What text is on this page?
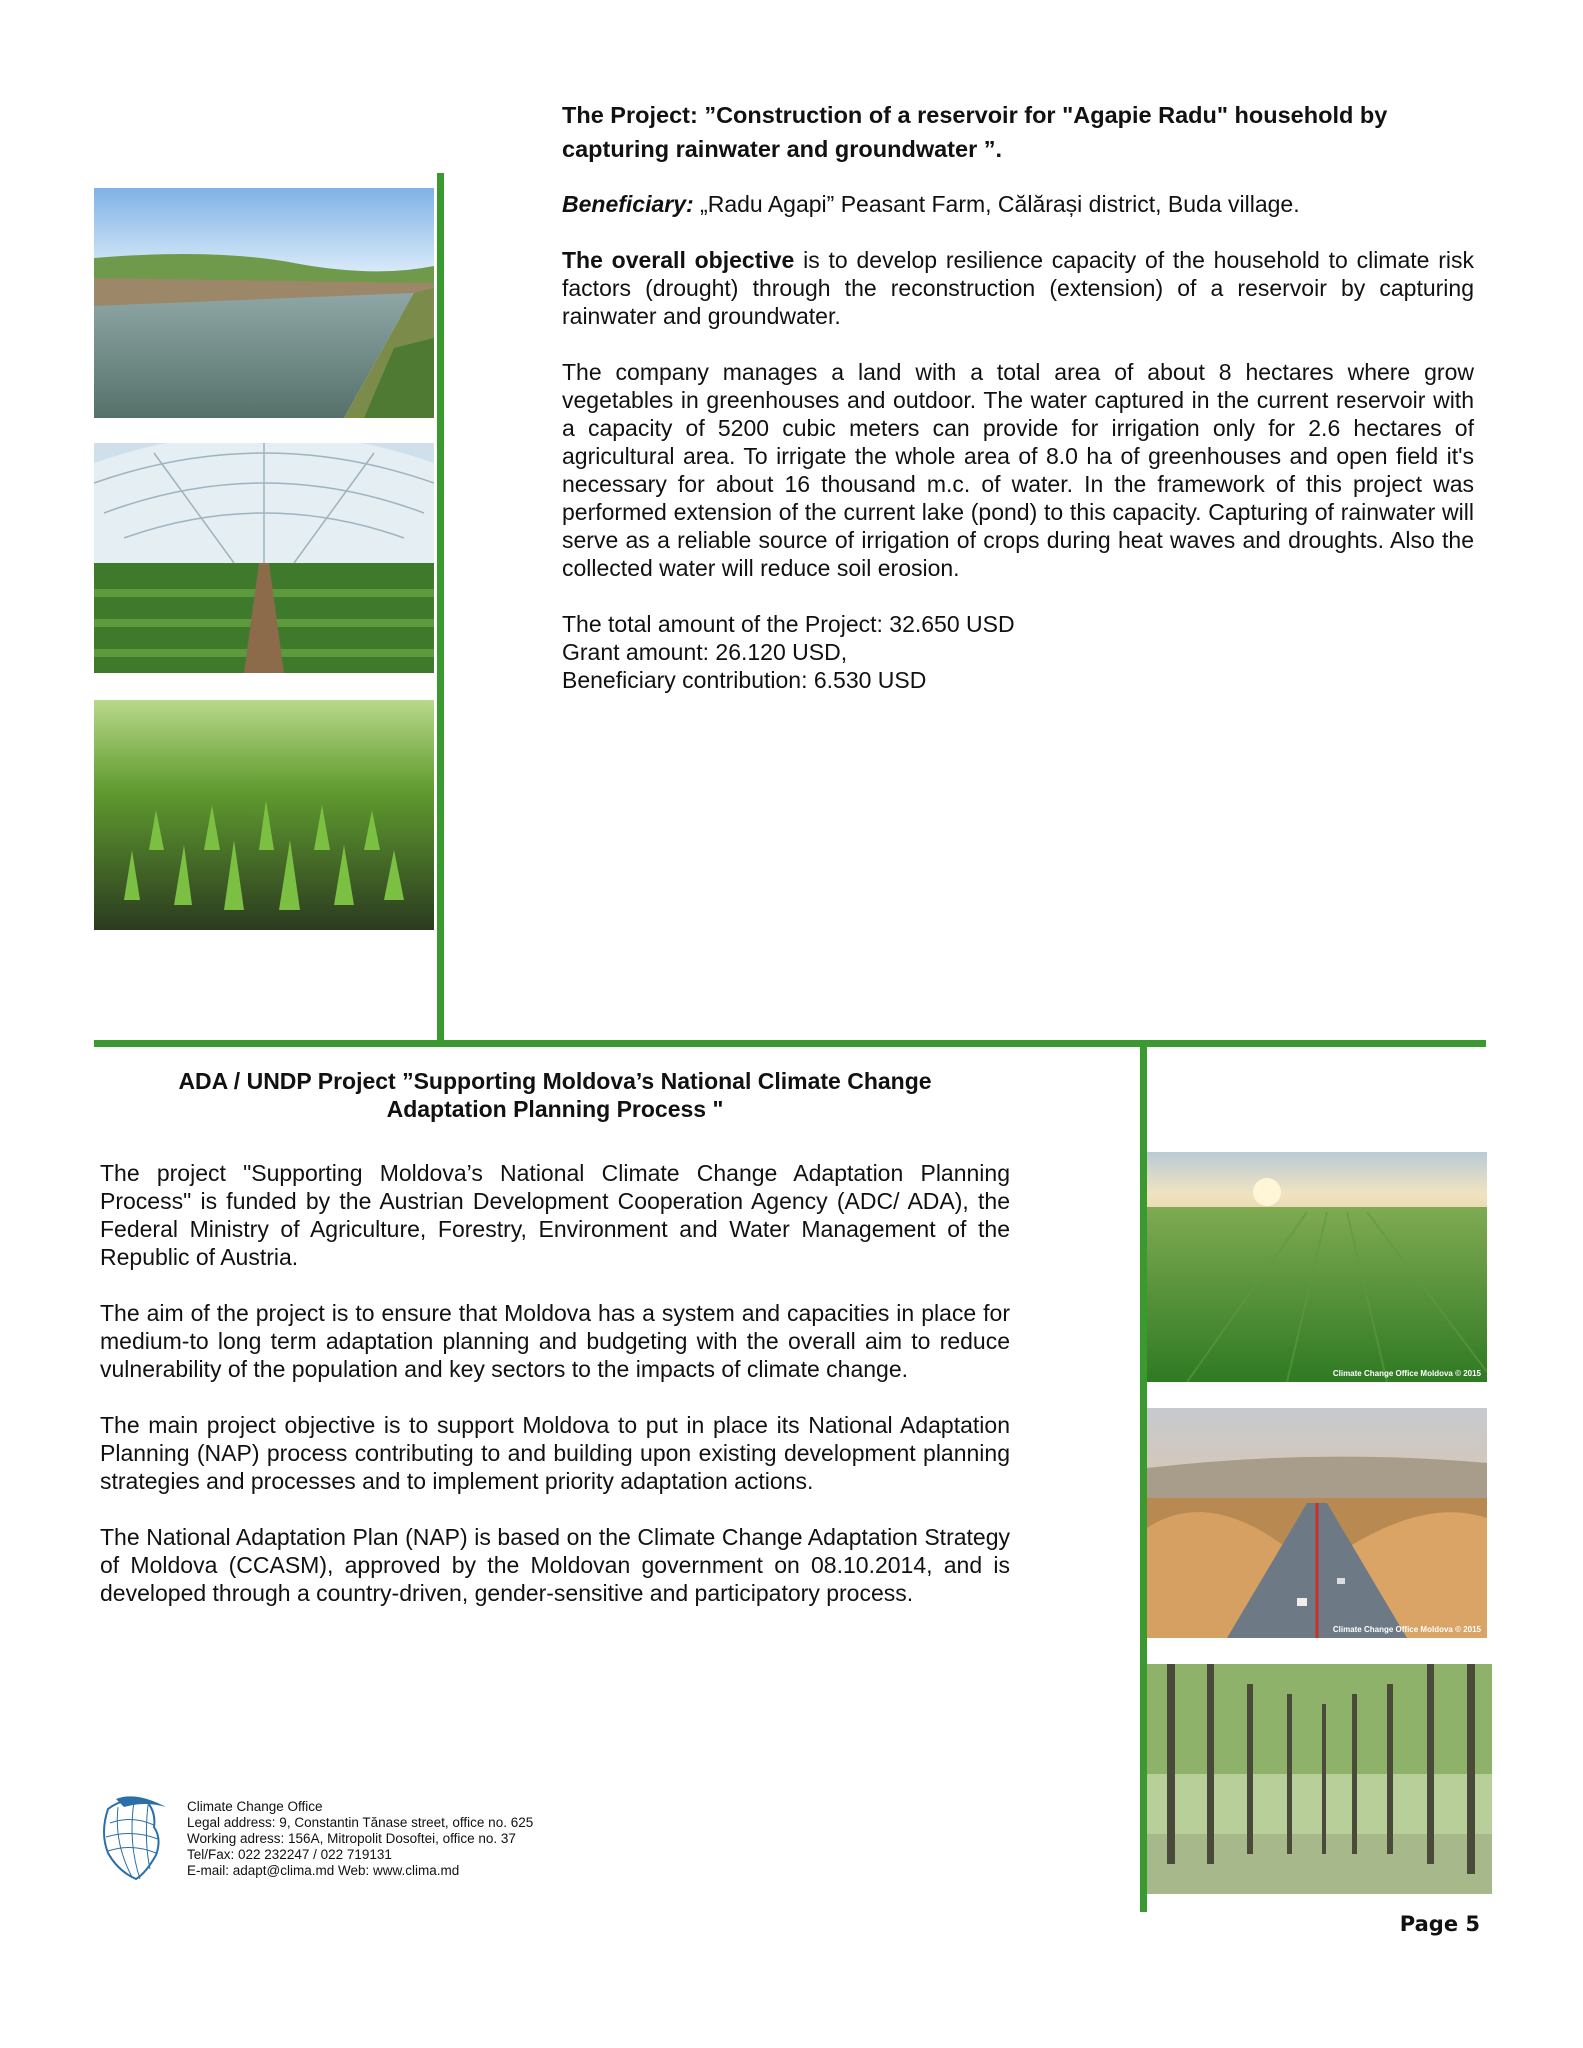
The Project: ”Construction of a reservoir for "Agapie Radu" household by capturing rainwater and groundwater ”.

Beneficiary: „Radu Agapi” Peasant Farm, Călărași district, Buda village.

The overall objective is to develop resilience capacity of the household to climate risk factors (drought) through the reconstruction (extension) of a reservoir by capturing rainwater and groundwater.

The company manages a land with a total area of about 8 hectares where grow vegetables in greenhouses and outdoor. The water captured in the current reservoir with a capacity of 5200 cubic meters can provide for irrigation only for 2.6 hectares of agricultural area. To irrigate the whole area of 8.0 ha of greenhouses and open field it's necessary for about 16 thousand m.c. of water. In the framework of this project was performed extension of the current lake (pond) to this capacity. Capturing of rainwater will serve as a reliable source of irrigation of crops during heat waves and droughts. Also the collected water will reduce soil erosion.

The total amount of the Project: 32.650 USD

Grant amount: 26.120 USD,

Beneficiary contribution: 6.530 USD

ADA / UNDP Project ”Supporting Moldova’s National Climate Change

Adaptation Planning Process "

The project "Supporting Moldova’s National Climate Change Adaptation Planning Process" is funded by the Austrian Development Cooperation Agency (ADC/ ADA), the Federal Ministry of Agriculture, Forestry, Environment and Water Management of the Republic of Austria.

The aim of the project is to ensure that Moldova has a system and capacities in place for medium-to long term adaptation planning and budgeting with the overall aim to reduce vulnerability of the population and key sectors to the impacts of climate change.

The main project objective is to support Moldova to put in place its National Adaptation Planning (NAP) process contributing to and building upon existing development planning strategies and processes and to implement priority adaptation actions.

The National Adaptation Plan (NAP) is based on the Climate Change Adaptation Strategy of Moldova (CCASM), approved by the Moldovan government on 08.10.2014, and is developed through a country-driven, gender-sensitive and participatory process.

Climate Change Office Moldova © 2015
Climate Change Office Moldova © 2015

Climate Change Office

Legal address: 9, Constantin Tănase street, office no. 625

Working adress: 156A, Mitropolit Dosoftei, office no. 37

Tel/Fax: 022 232247 / 022 719131

E-mail: adapt@clima.md Web: www.clima.md

Page 5
